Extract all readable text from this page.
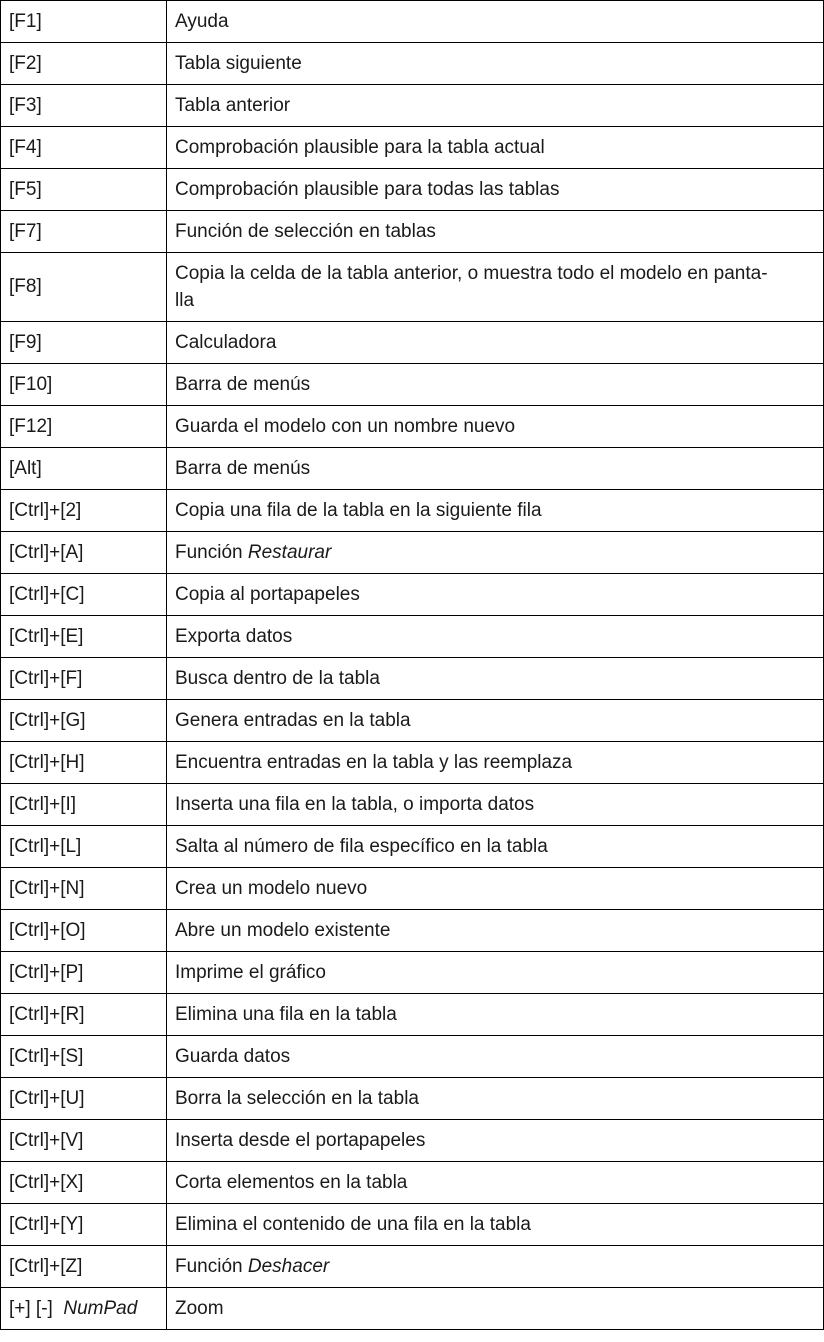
[F1]	Ayuda
[F2]	Tabla siguiente
[F3]	Tabla anterior
[F4]	Comprobación plausible para la tabla actual
[F5]	Comprobación plausible para todas las tablas
[F7]	Función de selección en tablas
[F8]	Copia la celda de la tabla anterior, o muestra todo el modelo en panta-
lla
[F9]	Calculadora
[F10]	Barra de menús
[F12]	Guarda el modelo con un nombre nuevo
[Alt]	Barra de menús
[Ctrl]+[2]	Copia una fila de la tabla en la siguiente fila
[Ctrl]+[A]	Función Restaurar
[Ctrl]+[C]	Copia al portapapeles
[Ctrl]+[E]	Exporta datos
[Ctrl]+[F]	Busca dentro de la tabla
[Ctrl]+[G]	Genera entradas en la tabla
[Ctrl]+[H]	Encuentra entradas en la tabla y las reemplaza
[Ctrl]+[I]	Inserta una fila en la tabla, o importa datos
[Ctrl]+[L]	Salta al número de fila específico en la tabla
[Ctrl]+[N]	Crea un modelo nuevo
[Ctrl]+[O]	Abre un modelo existente
[Ctrl]+[P]	Imprime el gráfico
[Ctrl]+[R]	Elimina una fila en la tabla
[Ctrl]+[S]	Guarda datos
[Ctrl]+[U]	Borra la selección en la tabla
[Ctrl]+[V]	Inserta desde el portapapeles
[Ctrl]+[X]	Corta elementos en la tabla
[Ctrl]+[Y]	Elimina el contenido de una fila en la tabla
[Ctrl]+[Z]	Función Deshacer
[+] [-] NumPad	Zoom
